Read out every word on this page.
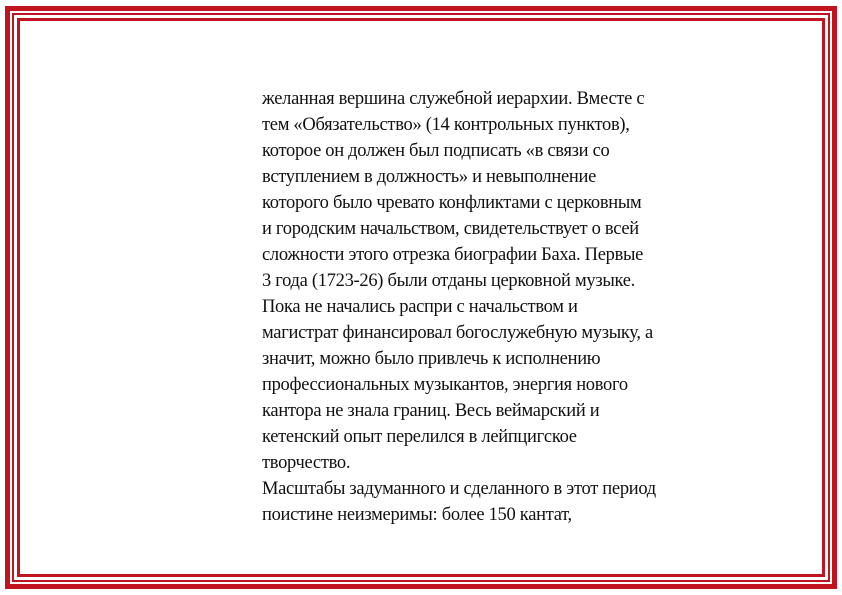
желанная вершина служебной иерархии. Вместе с
тем «Обязательство» (14 контрольных пунктов),
которое он должен был подписать «в связи со
вступлением в должность» и невыполнение
которого было чревато конфликтами с церковным
и городским начальством, свидетельствует о всей
сложности этого отрезка биографии Баха. Первые
3 года (1723-26) были отданы церковной музыке.
Пока не начались распри с начальством и
магистрат финансировал богослужебную музыку, а
значит, можно было привлечь к исполнению
профессиональных музыкантов, энергия нового
кантора не знала границ. Весь веймарский и
кетенский опыт перелился в лейпцигское
творчество.
Масштабы задуманного и сделанного в этот период
поистине неизмеримы: более 150 кантат,
